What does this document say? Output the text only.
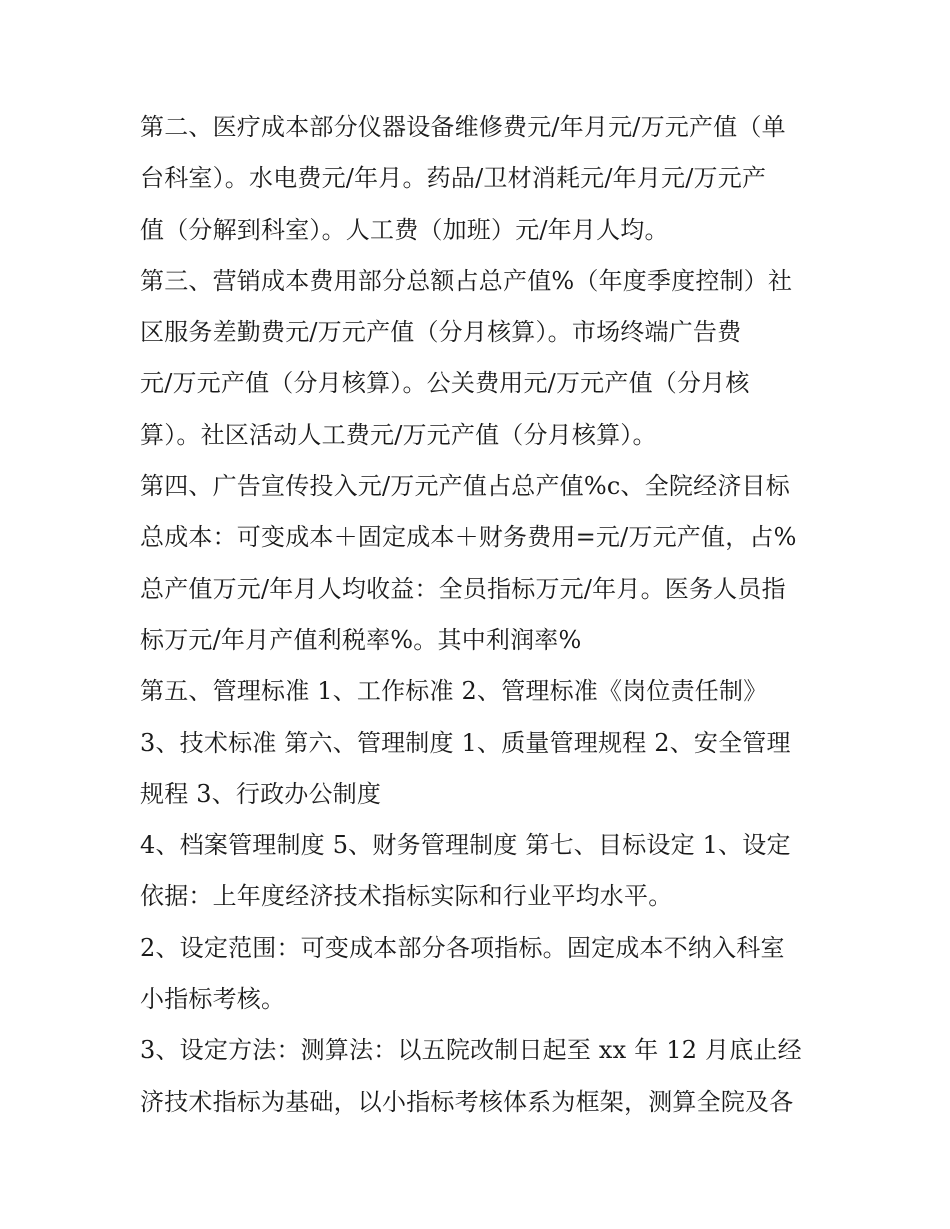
第二、医疗成本部分仪器设备维修费元/年月元/万元产值（单
台科室）。水电费元/年月。药品/卫材消耗元/年月元/万元产
值（分解到科室）。人工费（加班）元/年月人均。
第三、营销成本费用部分总额占总产值%（年度季度控制）社
区服务差勤费元/万元产值（分月核算）。市场终端广告费
元/万元产值（分月核算）。公关费用元/万元产值（分月核
算）。社区活动人工费元/万元产值（分月核算）。
第四、广告宣传投入元/万元产值占总产值%c、全院经济目标
总成本：可变成本＋固定成本＋财务费用=元/万元产值，占%
总产值万元/年月人均收益：全员指标万元/年月。医务人员指
标万元/年月产值利税率%。其中利润率%
第五、管理标准 1、工作标准 2、管理标准《岗位责任制》
3、技术标准 第六、管理制度 1、质量管理规程 2、安全管理
规程 3、行政办公制度
4、档案管理制度 5、财务管理制度 第七、目标设定 1、设定
依据：上年度经济技术指标实际和行业平均水平。
2、设定范围：可变成本部分各项指标。固定成本不纳入科室
小指标考核。
3、设定方法：测算法：以五院改制日起至 xx 年 12 月底止经
济技术指标为基础，以小指标考核体系为框架，测算全院及各
